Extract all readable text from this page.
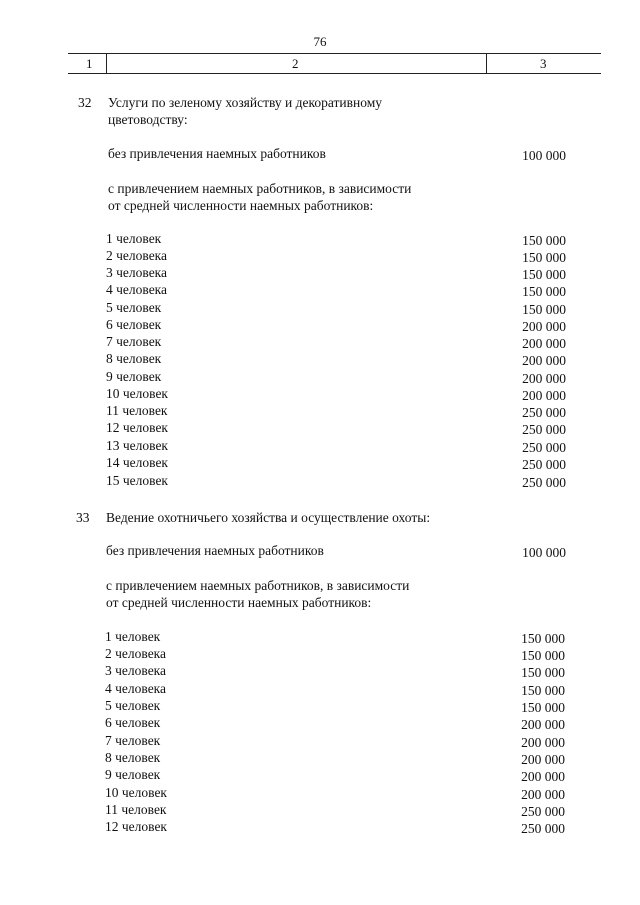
76
1	2	3
32 Услуги по зеленому хозяйству и декоративному
цветоводству:
без привлечения наемных работников	100 000
с привлечением наемных работников, в зависимости
от средней численности наемных работников:
1 человек	150 000
2 человека	150 000
3 человека	150 000
4 человека	150 000
5 человек	150 000
6 человек	200 000
7 человек	200 000
8 человек	200 000
9 человек	200 000
10 человек	200 000
11 человек	250 000
12 человек	250 000
13 человек	250 000
14 человек	250 000
15 человек	250 000
33 Ведение охотничьего хозяйства и осуществление охоты:
без привлечения наемных работников	100 000
с привлечением наемных работников, в зависимости
от средней численности наемных работников:
1 человек	150 000
2 человека	150 000
3 человека	150 000
4 человека	150 000
5 человек	150 000
6 человек	200 000
7 человек	200 000
8 человек	200 000
9 человек	200 000
10 человек	200 000
11 человек	250 000
12 человек	250 000
